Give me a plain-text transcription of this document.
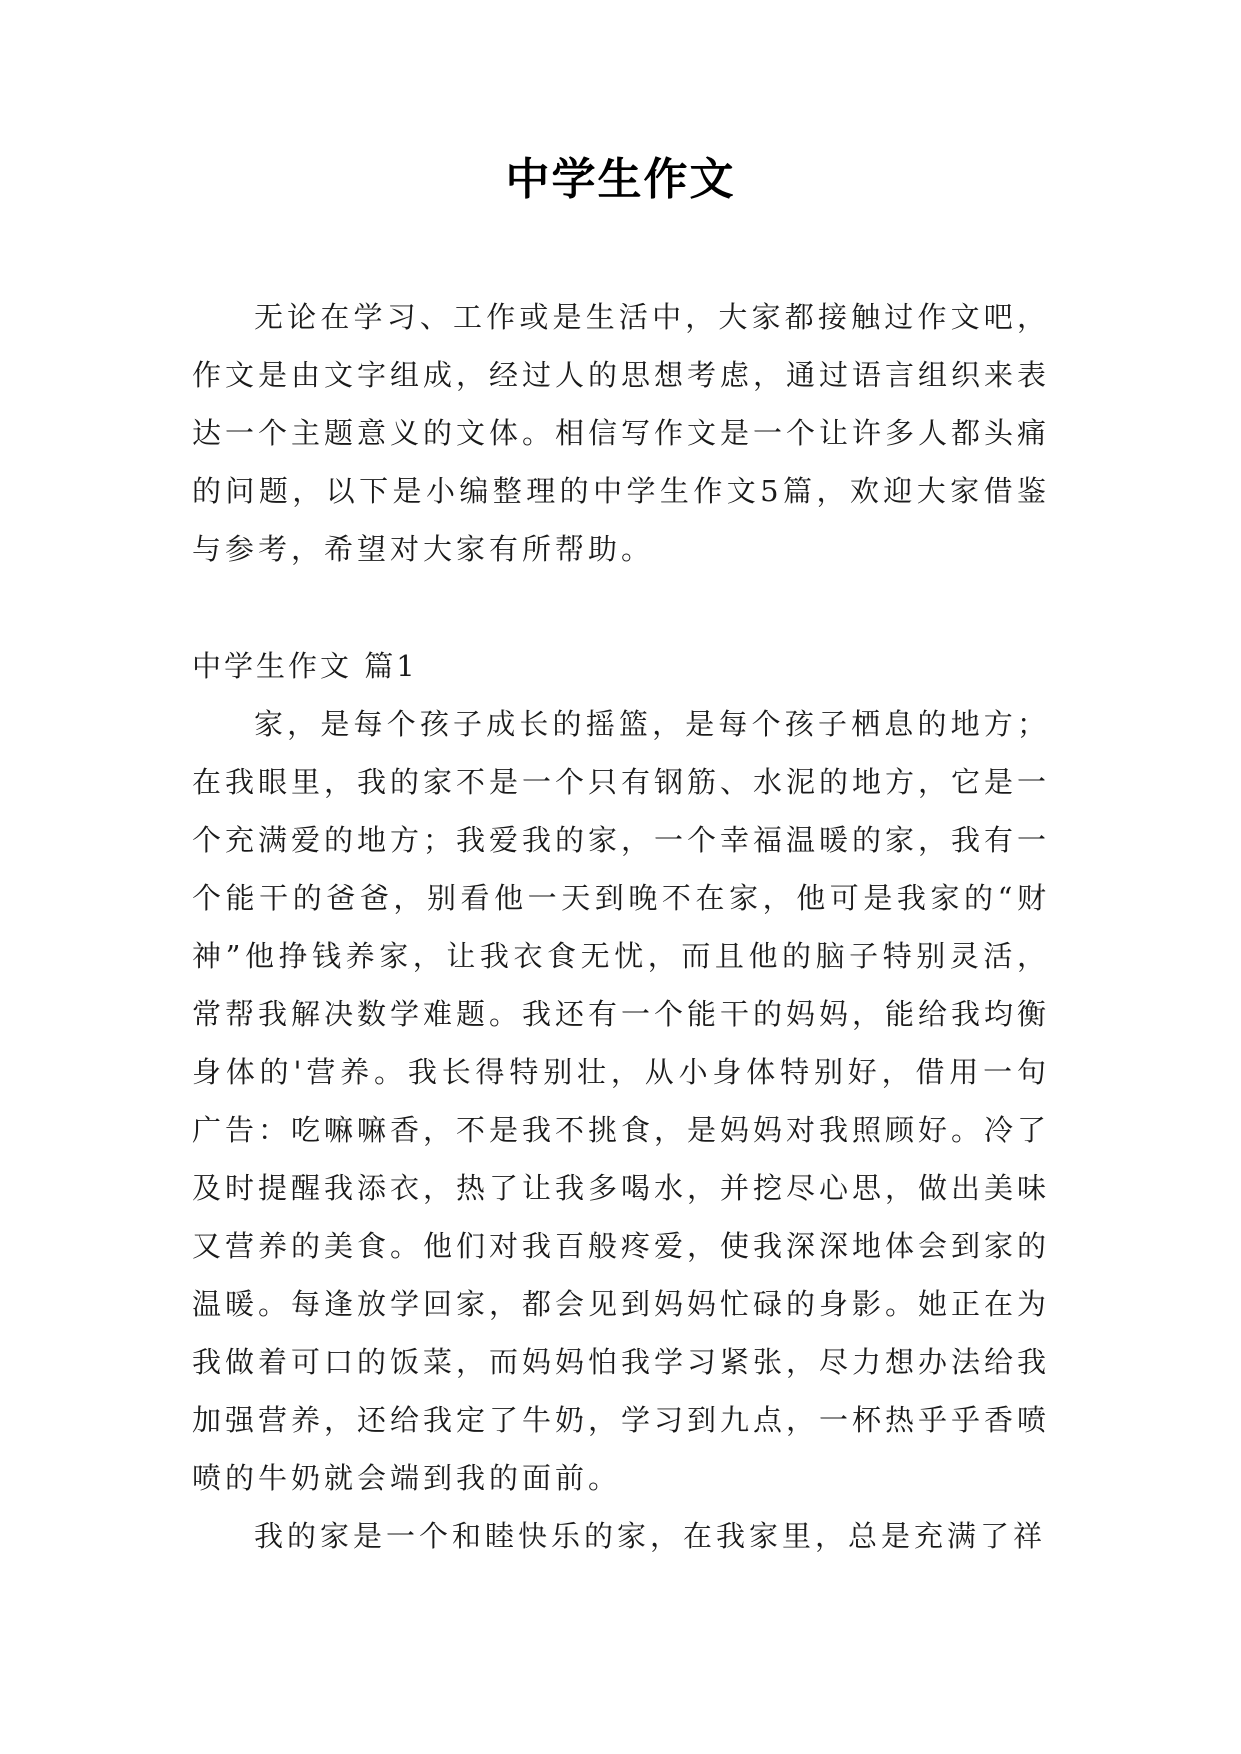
中学生作文

无论在学习、工作或是生活中，大家都接触过作文吧，作文是由文字组成，经过人的思想考虑，通过语言组织来表达一个主题意义的文体。相信写作文是一个让许多人都头痛的问题，以下是小编整理的中学生作文5篇，欢迎大家借鉴与参考，希望对大家有所帮助。

中学生作文 篇1

家，是每个孩子成长的摇篮，是每个孩子栖息的地方；在我眼里，我的家不是一个只有钢筋、水泥的地方，它是一个充满爱的地方；我爱我的家，一个幸福温暖的家，我有一个能干的爸爸，别看他一天到晚不在家，他可是我家的“财神”他挣钱养家，让我衣食无忧，而且他的脑子特别灵活，常帮我解决数学难题。我还有一个能干的妈妈，能给我均衡身体的'营养。我长得特别壮，从小身体特别好，借用一句广告：吃嘛嘛香，不是我不挑食，是妈妈对我照顾好。冷了及时提醒我添衣，热了让我多喝水，并挖尽心思，做出美味又营养的美食。他们对我百般疼爱，使我深深地体会到家的温暖。每逢放学回家，都会见到妈妈忙碌的身影。她正在为我做着可口的饭菜，而妈妈怕我学习紧张，尽力想办法给我加强营养，还给我定了牛奶，学习到九点，一杯热乎乎香喷喷的牛奶就会端到我的面前。

我的家是一个和睦快乐的家，在我家里，总是充满了祥
